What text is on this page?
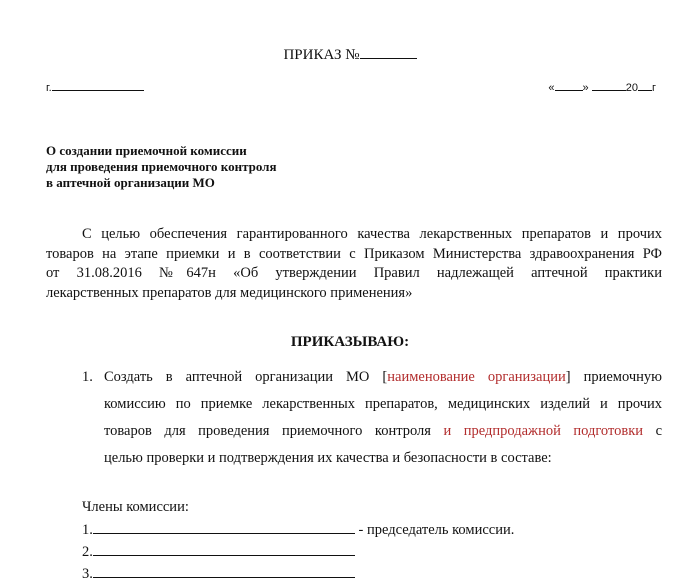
ПРИКАЗ №
г.	«	»	20 г
О создании приемочной комиссии
для проведения приемочного контроля
в аптечной организации МО
С целью обеспечения гарантированного качества лекарственных препаратов и прочих
товаров на этапе приемки и в соответствии с Приказом Министерства здравоохранения РФ
от 31.08.2016 №647н «Об утверждении Правил надлежащей аптечной практики
лекарственных препаратов для медицинского применения»
ПРИКАЗЫВАЮ:
1. Создать в аптечной организации МО [наименование организации] приемочную
комиссию по приемке лекарственных препаратов, медицинских изделий и прочих
товаров для проведения приемочного контроля и предпродажной подготовки с
целью проверки и подтверждения их качества и безопасности в составе:
Члены комиссии:
1.	- председатель комиссии.
2.
3.
